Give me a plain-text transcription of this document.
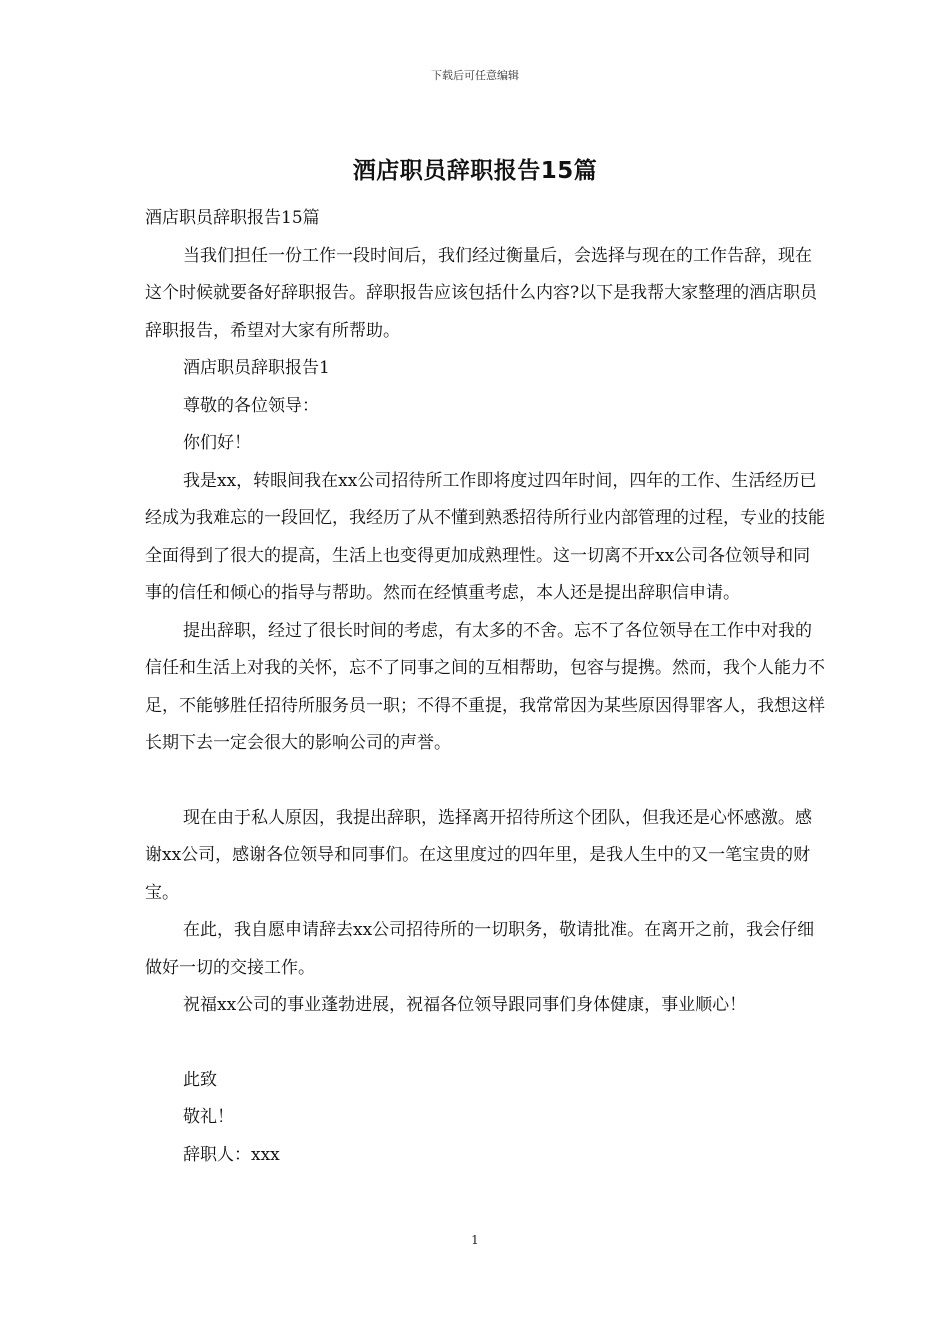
下载后可任意编辑
酒店职员辞职报告15篇

酒店职员辞职报告15篇

当我们担任一份工作一段时间后，我们经过衡量后，会选择与现在的工作告辞，现在这个时候就要备好辞职报告。辞职报告应该包括什么内容?以下是我帮大家整理的酒店职员辞职报告，希望对大家有所帮助。

酒店职员辞职报告1

尊敬的各位领导：

你们好！

我是xx，转眼间我在xx公司招待所工作即将度过四年时间，四年的工作、生活经历已经成为我难忘的一段回忆，我经历了从不懂到熟悉招待所行业内部管理的过程，专业的技能全面得到了很大的提高，生活上也变得更加成熟理性。这一切离不开xx公司各位领导和同事的信任和倾心的指导与帮助。然而在经慎重考虑，本人还是提出辞职信申请。

提出辞职，经过了很长时间的考虑，有太多的不舍。忘不了各位领导在工作中对我的信任和生活上对我的关怀，忘不了同事之间的互相帮助，包容与提携。然而，我个人能力不足，不能够胜任招待所服务员一职；不得不重提，我常常因为某些原因得罪客人，我想这样长期下去一定会很大的影响公司的声誉。

现在由于私人原因，我提出辞职，选择离开招待所这个团队，但我还是心怀感激。感谢xx公司，感谢各位领导和同事们。在这里度过的四年里，是我人生中的又一笔宝贵的财宝。

在此，我自愿申请辞去xx公司招待所的一切职务，敬请批准。在离开之前，我会仔细做好一切的交接工作。

祝福xx公司的事业蓬勃进展，祝福各位领导跟同事们身体健康，事业顺心！

此致

敬礼！

辞职人：xxx

1
